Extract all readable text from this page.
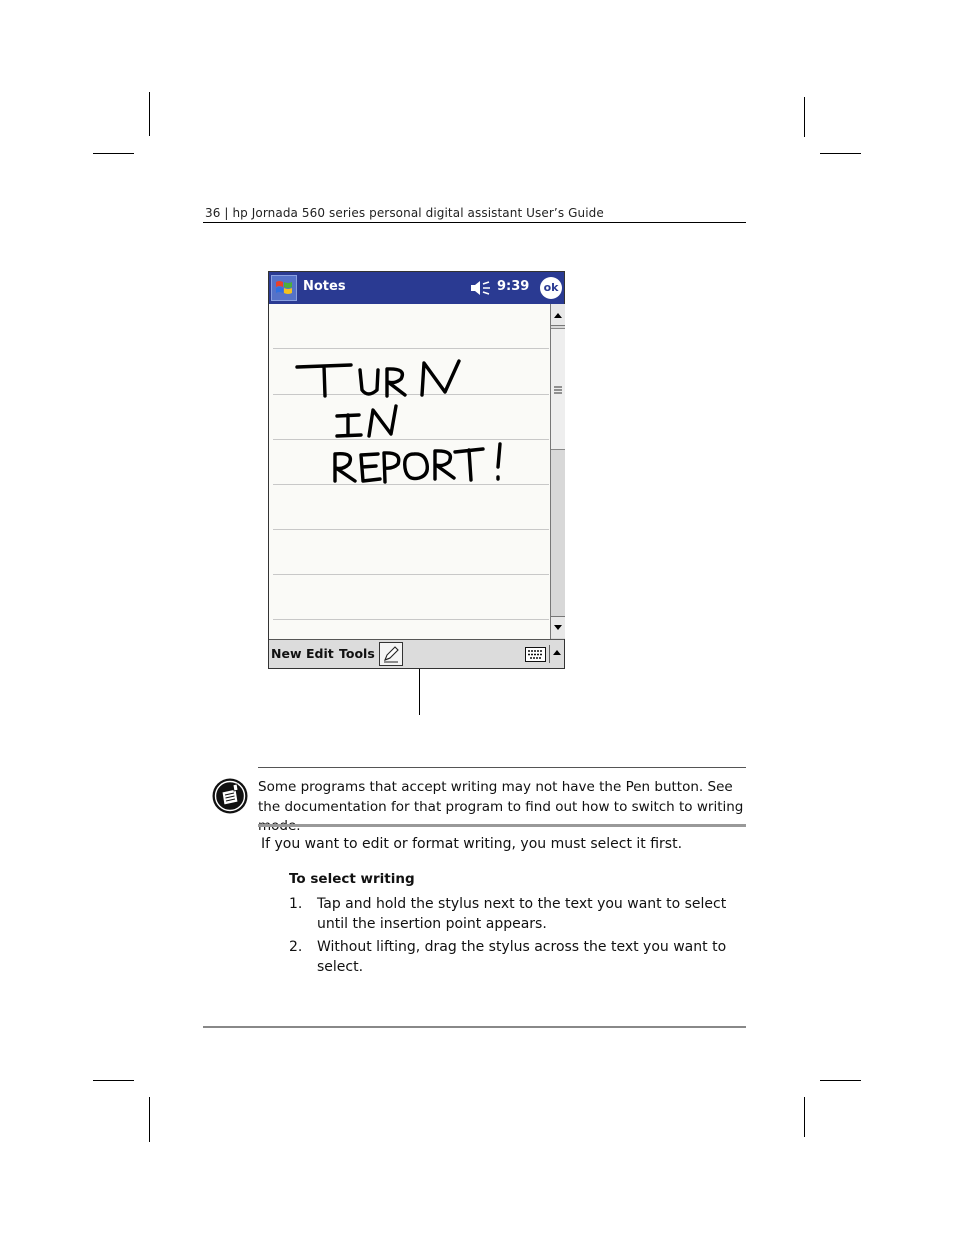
36 | hp Jornada 560 series personal digital assistant User’s Guide
Notes	9:39	ok
New Edit Tools
Some programs that accept writing may not have the Pen button. See the documentation for that program to find out how to switch to writing
If you want to edit or format writing, you must select it first.
To select writing
1. Tap and hold the stylus next to the text you want to select until the insertion point appears.
2. Without lifting, drag the stylus across the text you want to select.
